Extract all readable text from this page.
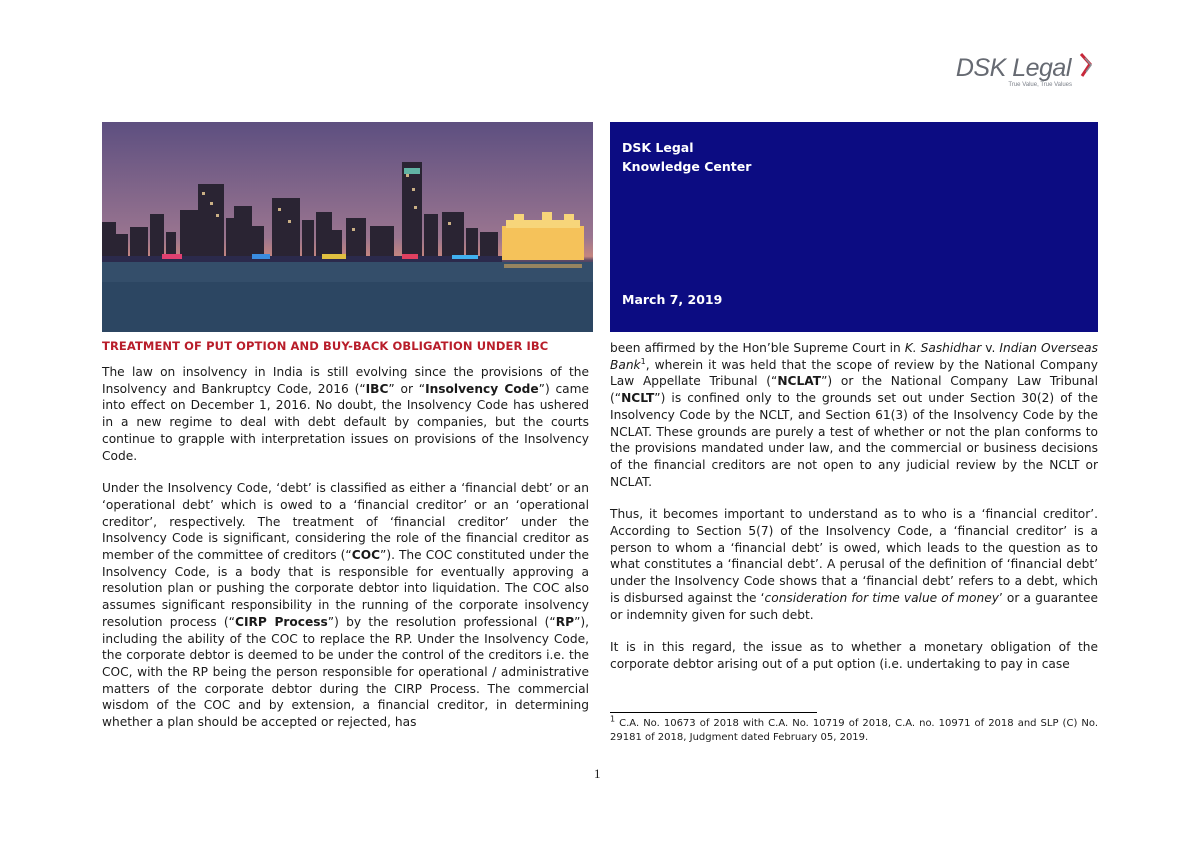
DSK Legal
True Value, True Values
DSK Legal
Knowledge Center
March 7, 2019
TREATMENT OF PUT OPTION AND BUY-BACK OBLIGATION UNDER IBC

The law on insolvency in India is still evolving since the provisions of the Insolvency and Bankruptcy Code, 2016 (“IBC” or “Insolvency Code”) came into effect on December 1, 2016. No doubt, the Insolvency Code has ushered in a new regime to deal with debt default by companies, but the courts continue to grapple with interpretation issues on provisions of the Insolvency Code.

Under the Insolvency Code, ‘debt’ is classified as either a ‘financial debt’ or an ‘operational debt’ which is owed to a ‘financial creditor’ or an ‘operational creditor’, respectively. The treatment of ‘financial creditor’ under the Insolvency Code is significant, considering the role of the financial creditor as member of the committee of creditors (“COC”). The COC constituted under the Insolvency Code, is a body that is responsible for eventually approving a resolution plan or pushing the corporate debtor into liquidation. The COC also assumes significant responsibility in the running of the corporate insolvency resolution process (“CIRP Process”) by the resolution professional (“RP”), including the ability of the COC to replace the RP. Under the Insolvency Code, the corporate debtor is deemed to be under the control of the creditors i.e. the COC, with the RP being the person responsible for operational / administrative matters of the corporate debtor during the CIRP Process. The commercial wisdom of the COC and by extension, a financial creditor, in determining whether a plan should be accepted or rejected, has

been affirmed by the Hon’ble Supreme Court in K. Sashidhar v. Indian Overseas Bank$^1$, wherein it was held that the scope of review by the National Company Law Appellate Tribunal (“NCLAT”) or the National Company Law Tribunal (“NCLT”) is confined only to the grounds set out under Section 30(2) of the Insolvency Code by the NCLT, and Section 61(3) of the Insolvency Code by the NCLAT. These grounds are purely a test of whether or not the plan conforms to the provisions mandated under law, and the commercial or business decisions of the financial creditors are not open to any judicial review by the NCLT or NCLAT.

Thus, it becomes important to understand as to who is a ‘financial creditor’. According to Section 5(7) of the Insolvency Code, a ‘financial creditor’ is a person to whom a ‘financial debt’ is owed, which leads to the question as to what constitutes a ‘financial debt’. A perusal of the definition of ‘financial debt’ under the Insolvency Code shows that a ‘financial debt’ refers to a debt, which is disbursed against the ‘consideration for time value of money’ or a guarantee or indemnity given for such debt.

It is in this regard, the issue as to whether a monetary obligation of the corporate debtor arising out of a put option (i.e. undertaking to pay in case

$^1$ C.A. No. 10673 of 2018 with C.A. No. 10719 of 2018, C.A. no. 10971 of 2018 and SLP (C) No. 29181 of 2018, Judgment dated February 05, 2019.
1
